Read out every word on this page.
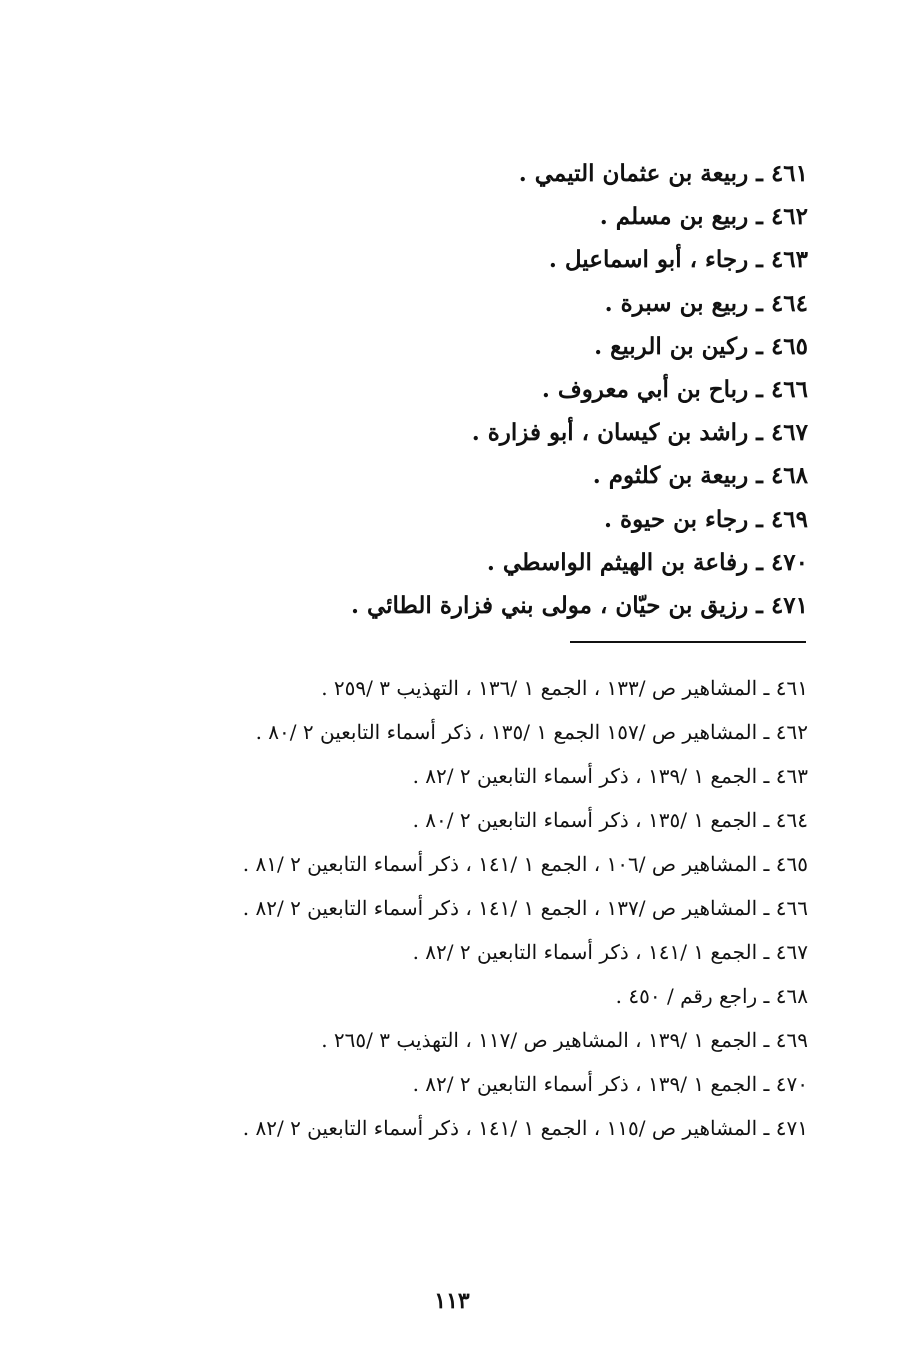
٤٦١ ـ ربيعة بن عثمان التيمي .
٤٦٢ ـ ربيع بن مسلم .
٤٦٣ ـ رجاء ، أبو اسماعيل .
٤٦٤ ـ ربيع بن سبرة .
٤٦٥ ـ ركين بن الربيع .
٤٦٦ ـ رباح بن أبي معروف .
٤٦٧ ـ راشد بن كيسان ، أبو فزارة .
٤٦٨ ـ ربيعة بن كلثوم .
٤٦٩ ـ رجاء بن حيوة .
٤٧٠ ـ رفاعة بن الهيثم الواسطي .
٤٧١ ـ رزيق بن حيّان ، مولى بني فزارة الطائي .
٤٦١ ـ المشاهير ص /١٣٣ ، الجمع ١ /١٣٦ ، التهذيب ٣ /٢٥٩ .
٤٦٢ ـ المشاهير ص /١٥٧ الجمع ١ /١٣٥ ، ذكر أسماء التابعين ٢ /٨٠ .
٤٦٣ ـ الجمع ١ /١٣٩ ، ذكر أسماء التابعين ٢ /٨٢ .
٤٦٤ ـ الجمع ١ /١٣٥ ، ذكر أسماء التابعين ٢ /٨٠ .
٤٦٥ ـ المشاهير ص /١٠٦ ، الجمع ١ /١٤١ ، ذكر أسماء التابعين ٢ /٨١ .
٤٦٦ ـ المشاهير ص /١٣٧ ، الجمع ١ /١٤١ ، ذكر أسماء التابعين ٢ /٨٢ .
٤٦٧ ـ الجمع ١ /١٤١ ، ذكر أسماء التابعين ٢ /٨٢ .
٤٦٨ ـ راجع رقم / ٤٥٠ .
٤٦٩ ـ الجمع ١ /١٣٩ ، المشاهير ص /١١٧ ، التهذيب ٣ /٢٦٥ .
٤٧٠ ـ الجمع ١ /١٣٩ ، ذكر أسماء التابعين ٢ /٨٢ .
٤٧١ ـ المشاهير ص /١١٥ ، الجمع ١ /١٤١ ، ذكر أسماء التابعين ٢ /٨٢ .
١١٣
